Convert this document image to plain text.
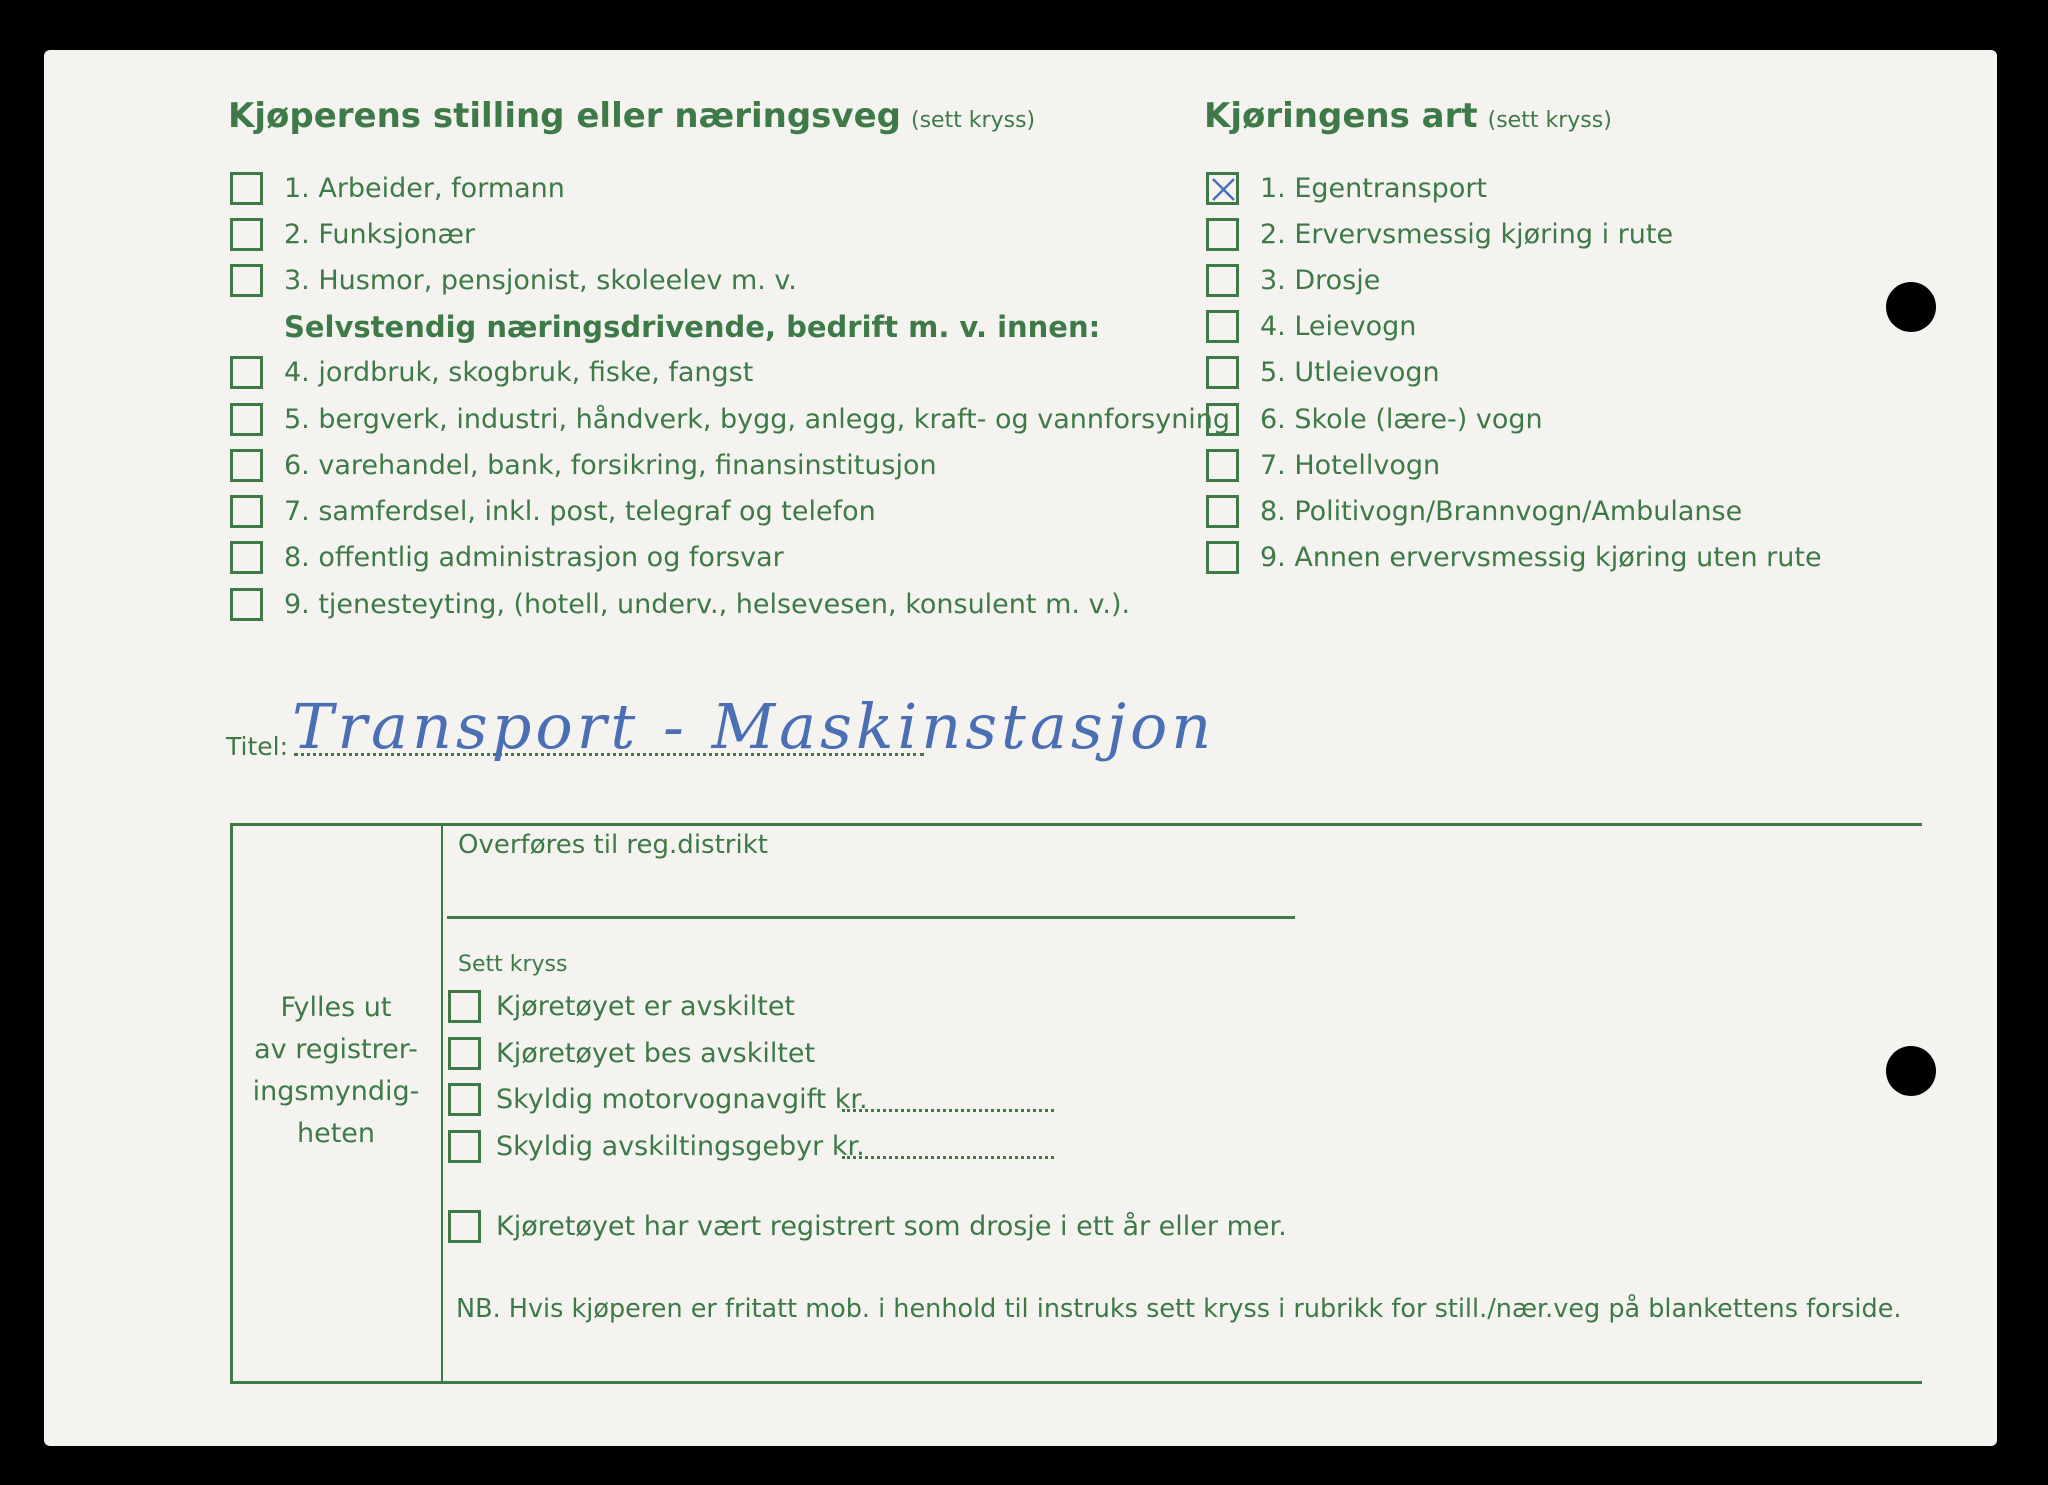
Kjøperens stilling eller næringsveg (sett kryss)
1. Arbeider, formann
2. Funksjonær
3. Husmor, pensjonist, skoleelev m. v.
Selvstendig næringsdrivende, bedrift m. v. innen:
4. jordbruk, skogbruk, fiske, fangst
5. bergverk, industri, håndverk, bygg, anlegg, kraft- og vannforsyning
6. varehandel, bank, forsikring, finansinstitusjon
7. samferdsel, inkl. post, telegraf og telefon
8. offentlig administrasjon og forsvar
9. tjenesteyting, (hotell, underv., helsevesen, konsulent m. v.).
Kjøringens art (sett kryss)
1. Egentransport
2. Ervervsmessig kjøring i rute
3. Drosje
4. Leievogn
5. Utleievogn
6. Skole (lære-) vogn
7. Hotellvogn
8. Politivogn/Brannvogn/Ambulanse
9. Annen ervervsmessig kjøring uten rute
Titel: Transport - Maskinstasjon
Fylles ut
av registrer-
ingsmyndig-
heten
Overføres til reg.distrikt
Sett kryss
Kjøretøyet er avskiltet
Kjøretøyet bes avskiltet
Skyldig motorvognavgift kr.
Skyldig avskiltingsgebyr kr.
Kjøretøyet har vært registrert som drosje i ett år eller mer.
NB. Hvis kjøperen er fritatt mob. i henhold til instruks sett kryss i rubrikk for still./nær.veg på blankettens forside.
